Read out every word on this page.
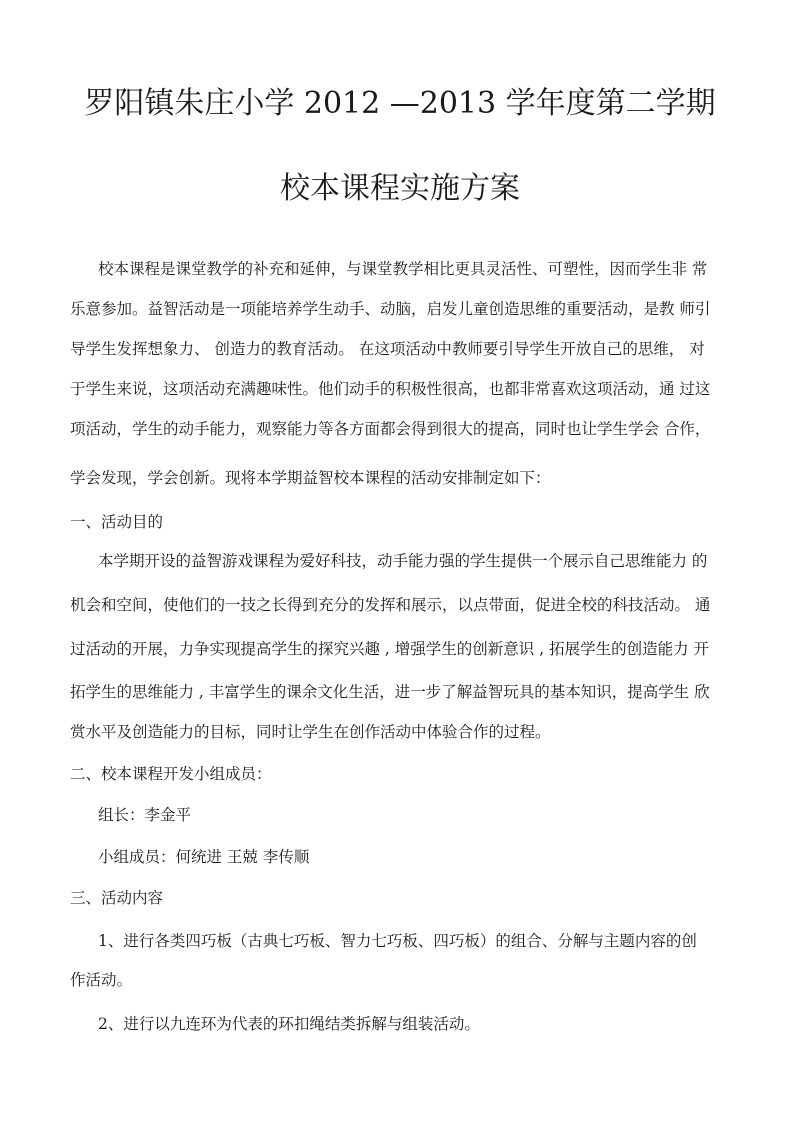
罗阳镇朱庄小学 2012 —2013 学年度第二学期
校本课程实施方案
校本课程是课堂教学的补充和延伸，与课堂教学相比更具灵活性、可塑性，因而学生非 常
乐意参加。益智活动是一项能培养学生动手、动脑，启发儿童创造思维的重要活动，是教 师引
导学生发挥想象力、 创造力的教育活动。 在这项活动中教师要引导学生开放自己的思维， 对
于学生来说，这项活动充满趣味性。他们动手的积极性很高，也都非常喜欢这项活动，通 过这
项活动，学生的动手能力，观察能力等各方面都会得到很大的提高，同时也让学生学会 合作，
学会发现，学会创新。现将本学期益智校本课程的活动安排制定如下：
一、活动目的
本学期开设的益智游戏课程为爱好科技，动手能力强的学生提供一个展示自己思维能力 的
机会和空间，使他们的一技之长得到充分的发挥和展示，以点带面，促进全校的科技活动。 通
过活动的开展，力争实现提高学生的探究兴趣 , 增强学生的创新意识 , 拓展学生的创造能力 开
拓学生的思维能力 , 丰富学生的课余文化生活，进一步了解益智玩具的基本知识，提高学生 欣
赏水平及创造能力的目标，同时让学生在创作活动中体验合作的过程。
二、校本课程开发小组成员：
组长：李金平
小组成员：何统进 王兢 李传顺
三、活动内容
1、进行各类四巧板（古典七巧板、智力七巧板、四巧板）的组合、分解与主题内容的创
作活动。
2、进行以九连环为代表的环扣绳结类拆解与组装活动。
